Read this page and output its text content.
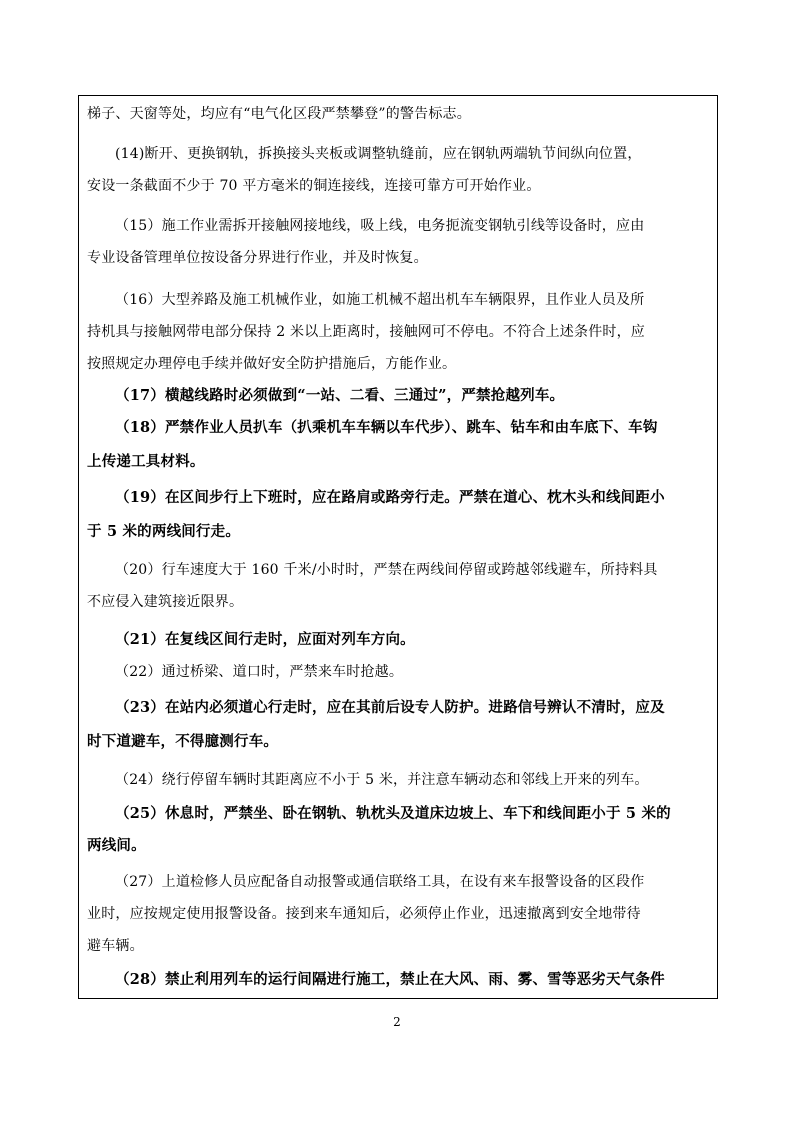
梯子、天窗等处，均应有“电气化区段严禁攀登”的警告标志。
(14)断开、更换钢轨，拆换接头夹板或调整轨缝前，应在钢轨两端轨节间纵向位置，
安设一条截面不少于 70 平方毫米的铜连接线，连接可靠方可开始作业。
（15）施工作业需拆开接触网接地线，吸上线，电务扼流变钢轨引线等设备时，应由
专业设备管理单位按设备分界进行作业，并及时恢复。
（16）大型养路及施工机械作业，如施工机械不超出机车车辆限界，且作业人员及所
持机具与接触网带电部分保持 2 米以上距离时，接触网可不停电。不符合上述条件时，应
按照规定办理停电手续并做好安全防护措施后，方能作业。
（17）横越线路时必须做到“一站、二看、三通过”，严禁抢越列车。
（18）严禁作业人员扒车（扒乘机车车辆以车代步）、跳车、钻车和由车底下、车钩
上传递工具材料。
（19）在区间步行上下班时，应在路肩或路旁行走。严禁在道心、枕木头和线间距小
于 5 米的两线间行走。
（20）行车速度大于 160 千米/小时时，严禁在两线间停留或跨越邻线避车，所持料具
不应侵入建筑接近限界。
（21）在复线区间行走时，应面对列车方向。
（22）通过桥梁、道口时，严禁来车时抢越。
（23）在站内必须道心行走时，应在其前后设专人防护。进路信号辨认不清时，应及
时下道避车，不得臆测行车。
（24）绕行停留车辆时其距离应不小于 5 米，并注意车辆动态和邻线上开来的列车。
（25）休息时，严禁坐、卧在钢轨、轨枕头及道床边坡上、车下和线间距小于 5 米的
两线间。
（27）上道检修人员应配备自动报警或通信联络工具，在设有来车报警设备的区段作
业时，应按规定使用报警设备。接到来车通知后，必须停止作业，迅速撤离到安全地带待
避车辆。
（28）禁止利用列车的运行间隔进行施工，禁止在大风、雨、雾、雪等恶劣天气条件
2
